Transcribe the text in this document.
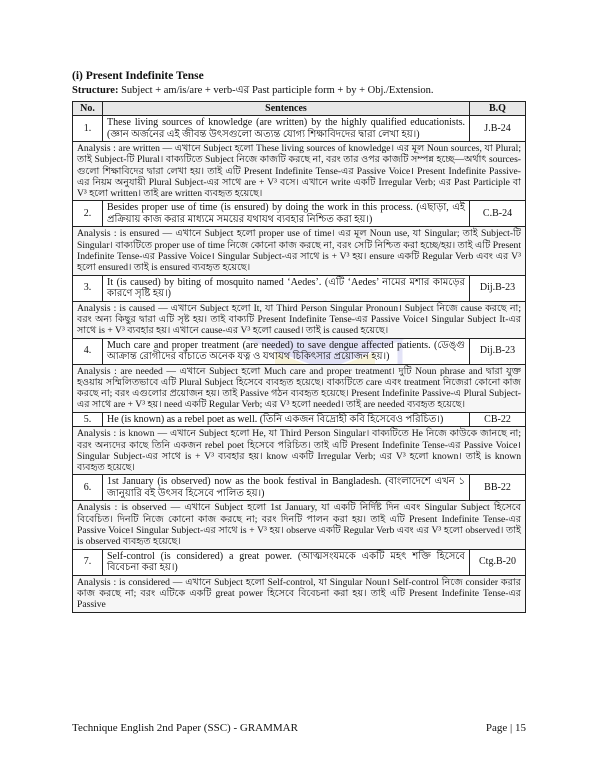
(i) Present Indefinite Tense
Structure: Subject + am/is/are + verb-এর Past participle form + by + Obj./Extension.
No.	Sentences	B.Q
1.	These living sources of knowledge (are written) by the highly qualified educationists. (জ্ঞান অর্জনের এই জীবন্ত উৎসগুলো অত্যন্ত যোগ্য শিক্ষাবিদদের দ্বারা লেখা হয়।)	J.B-24
Analysis : are written — এখানে Subject হলো These living sources of knowledge। এর মূল Noun sources, যা Plural; তাই Subject-টি Plural। বাক্যটিতে Subject নিজে কাজটি করছে না, বরং তার ওপর কাজটি সম্পন্ন হচ্ছে—অর্থাৎ sources-গুলো শিক্ষাবিদের দ্বারা লেখা হয়। তাই এটি Present Indefinite Tense-এর Passive Voice। Present Indefinite Passive-এর নিয়ম অনুযায়ী Plural Subject-এর সাথে are + V³ বসে। এখানে write একটি Irregular Verb; এর Past Participle বা V³ হলো written। তাই are written ব্যবহৃত হয়েছে।		
2.	Besides proper use of time (is ensured) by doing the work in this process. (এছাড়া, এই প্রক্রিয়ায় কাজ করার মাধ্যমে সময়ের যথাযথ ব্যবহার নিশ্চিত করা হয়।)	C.B-24
Analysis : is ensured — এখানে Subject হলো proper use of time। এর মূল Noun use, যা Singular; তাই Subject-টি Singular। বাক্যটিতে proper use of time নিজে কোনো কাজ করছে না, বরং সেটি নিশ্চিত করা হচ্ছে/হয়। তাই এটি Present Indefinite Tense-এর Passive Voice। Singular Subject-এর সাথে is + V³ হয়। ensure একটি Regular Verb এবং এর V³ হলো ensured। তাই is ensured ব্যবহৃত হয়েছে।		
3.	It (is caused) by biting of mosquito named ‘Aedes’. (এটি ‘Aedes’ নামের মশার কামড়ের কারণে সৃষ্টি হয়।)	Dij.B-23
Analysis : is caused — এখানে Subject হলো It, যা Third Person Singular Pronoun। Subject নিজে cause করছে না; বরং অন্য কিছুর দ্বারা এটি সৃষ্ট হয়। তাই বাক্যটি Present Indefinite Tense-এর Passive Voice। Singular Subject It-এর সাথে is + V³ ব্যবহার হয়। এখানে cause-এর V³ হলো caused। তাই is caused হয়েছে।		
4.	Much care and proper treatment (are needed) to save dengue affected patients. (ডেঙ্গু আক্রান্ত রোগীদের বাঁচাতে অনেক যত্ন ও যথাযথ চিকিৎসার প্রয়োজন হয়।)	Dij.B-23
Analysis : are needed — এখানে Subject হলো Much care and proper treatment। দুটি Noun phrase and দ্বারা যুক্ত হওয়ায় সম্মিলিতভাবে এটি Plural Subject হিসেবে ব্যবহৃত হয়েছে। বাক্যটিতে care এবং treatment নিজেরা কোনো কাজ করছে না; বরং এগুলোর প্রয়োজন হয়। তাই Passive গঠন ব্যবহৃত হয়েছে। Present Indefinite Passive-এ Plural Subject-এর সাথে are + V³ হয়। need একটি Regular Verb; এর V³ হলো needed। তাই are needed ব্যবহৃত হয়েছে।		
5.	He (is known) as a rebel poet as well. (তিনি একজন বিদ্রোহী কবি হিসেবেও পরিচিত।)	CB-22
Analysis : is known — এখানে Subject হলো He, যা Third Person Singular। বাক্যটিতে He নিজে কাউকে জানছে না; বরং অন্যদের কাছে তিনি একজন rebel poet হিসেবে পরিচিত। তাই এটি Present Indefinite Tense-এর Passive Voice। Singular Subject-এর সাথে is + V³ ব্যবহার হয়। know একটি Irregular Verb; এর V³ হলো known। তাই is known ব্যবহৃত হয়েছে।		
6.	1st January (is observed) now as the book festival in Bangladesh. (বাংলাদেশে এখন ১ জানুয়ারি বই উৎসব হিসেবে পালিত হয়।)	BB-22
Analysis : is observed — এখানে Subject হলো 1st January, যা একটি নির্দিষ্ট দিন এবং Singular Subject হিসেবে বিবেচিত। দিনটি নিজে কোনো কাজ করছে না; বরং দিনটি পালন করা হয়। তাই এটি Present Indefinite Tense-এর Passive Voice। Singular Subject-এর সাথে is + V³ হয়। observe একটি Regular Verb এবং এর V³ হলো observed। তাই is observed ব্যবহৃত হয়েছে।		
7.	Self-control (is considered) a great power. (আত্মসংযমকে একটি মহৎ শক্তি হিসেবে বিবেচনা করা হয়।)	Ctg.B-20
Analysis : is considered — এখানে Subject হলো Self-control, যা Singular Noun। Self-control নিজে consider করার কাজ করছে না; বরং এটিকে একটি great power হিসেবে বিবেচনা করা হয়। তাই এটি Present Indefinite Tense-এর Passive		
Technique English 2nd Paper (SSC) - GRAMMAR	Page | 15
